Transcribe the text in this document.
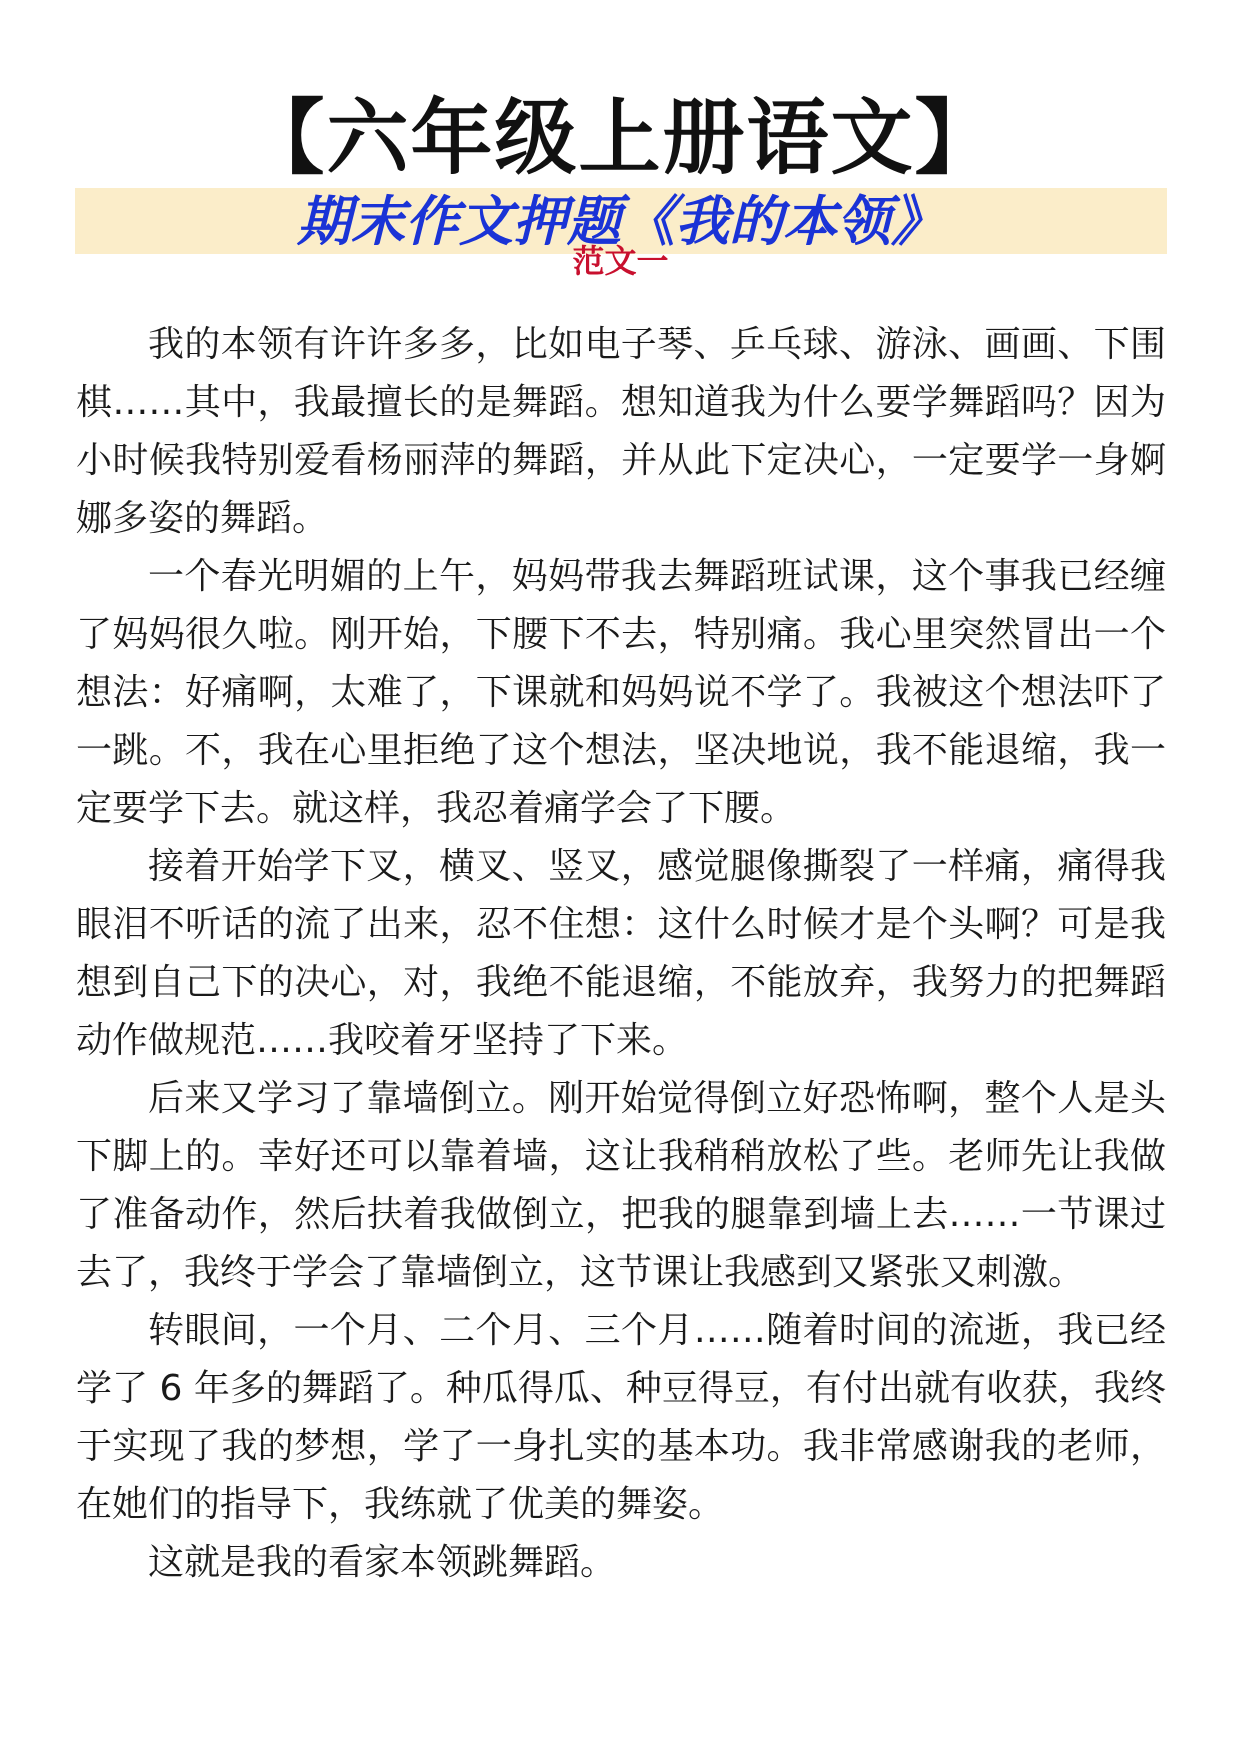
【六年级上册语文】
期末作文押题《我的本领》
范文一

我的本领有许许多多，比如电子琴、乒乓球、游泳、画画、下围棋……其中，我最擅长的是舞蹈。想知道我为什么要学舞蹈吗？因为小时候我特别爱看杨丽萍的舞蹈，并从此下定决心，一定要学一身婀娜多姿的舞蹈。

一个春光明媚的上午，妈妈带我去舞蹈班试课，这个事我已经缠了妈妈很久啦。刚开始，下腰下不去，特别痛。我心里突然冒出一个想法：好痛啊，太难了，下课就和妈妈说不学了。我被这个想法吓了一跳。不，我在心里拒绝了这个想法，坚决地说，我不能退缩，我一定要学下去。就这样，我忍着痛学会了下腰。

接着开始学下叉，横叉、竖叉，感觉腿像撕裂了一样痛，痛得我眼泪不听话的流了出来，忍不住想：这什么时候才是个头啊？可是我想到自己下的决心，对，我绝不能退缩，不能放弃，我努力的把舞蹈动作做规范……我咬着牙坚持了下来。

后来又学习了靠墙倒立。刚开始觉得倒立好恐怖啊，整个人是头下脚上的。幸好还可以靠着墙，这让我稍稍放松了些。老师先让我做了准备动作，然后扶着我做倒立，把我的腿靠到墙上去……一节课过去了，我终于学会了靠墙倒立，这节课让我感到又紧张又刺激。

转眼间，一个月、二个月、三个月……随着时间的流逝，我已经学了 6 年多的舞蹈了。种瓜得瓜、种豆得豆，有付出就有收获，我终于实现了我的梦想，学了一身扎实的基本功。我非常感谢我的老师，在她们的指导下，我练就了优美的舞姿。

这就是我的看家本领跳舞蹈。
